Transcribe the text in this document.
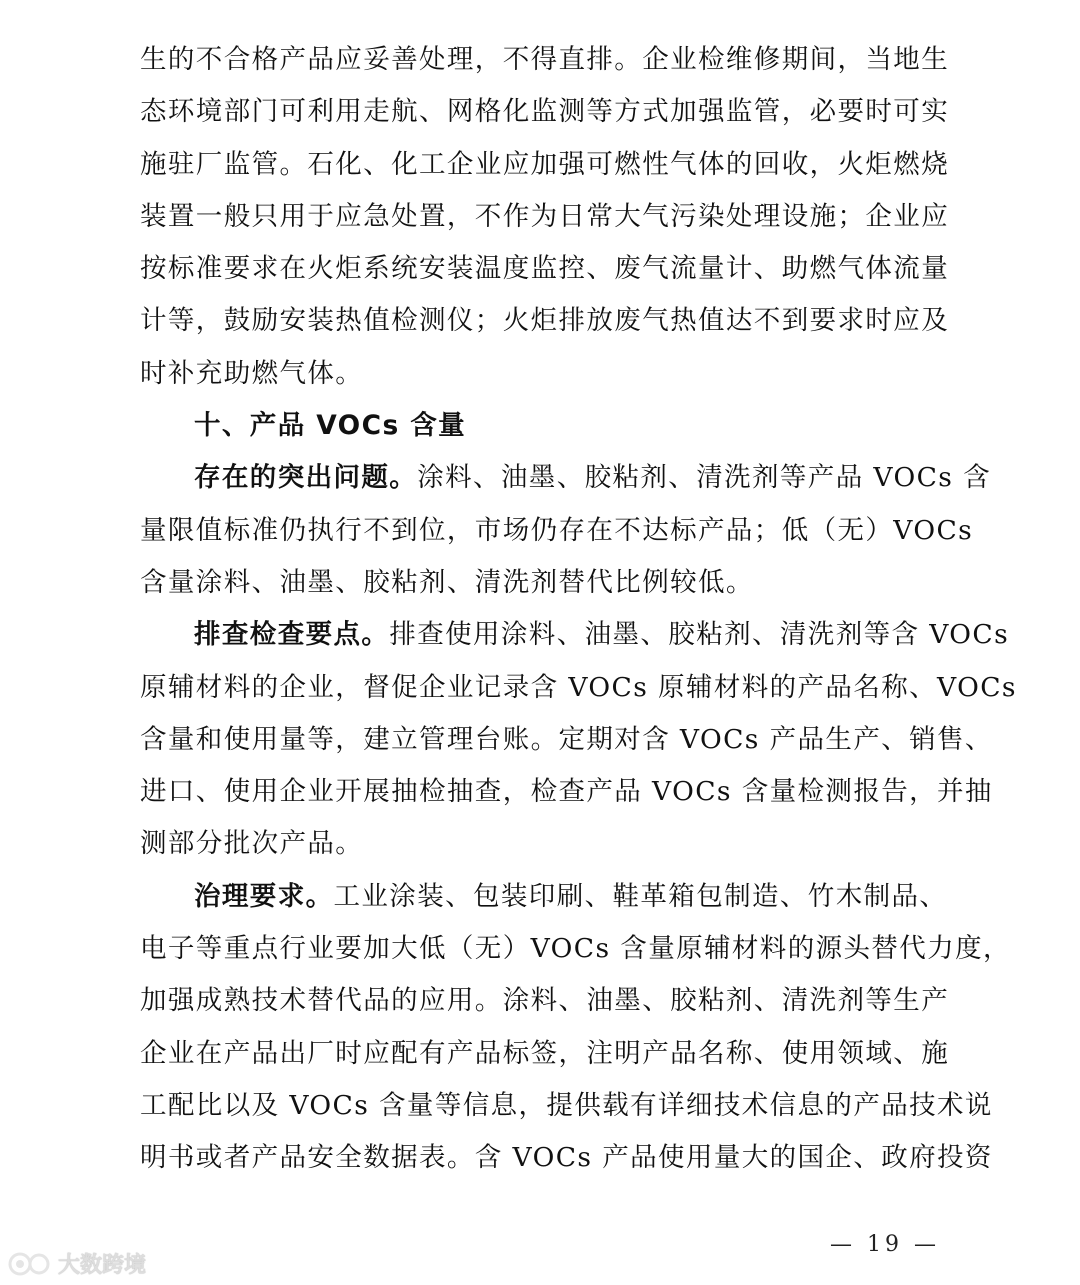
生的不合格产品应妥善处理，不得直排。企业检维修期间，当地生
态环境部门可利用走航、网格化监测等方式加强监管，必要时可实
施驻厂监管。石化、化工企业应加强可燃性气体的回收，火炬燃烧
装置一般只用于应急处置，不作为日常大气污染处理设施；企业应
按标准要求在火炬系统安装温度监控、废气流量计、助燃气体流量
计等，鼓励安装热值检测仪；火炬排放废气热值达不到要求时应及
时补充助燃气体。
十、产品 VOCs 含量
存在的突出问题。涂料、油墨、胶粘剂、清洗剂等产品 VOCs 含
量限值标准仍执行不到位，市场仍存在不达标产品；低（无）VOCs
含量涂料、油墨、胶粘剂、清洗剂替代比例较低。
排查检查要点。排查使用涂料、油墨、胶粘剂、清洗剂等含 VOCs
原辅材料的企业，督促企业记录含 VOCs 原辅材料的产品名称、VOCs
含量和使用量等，建立管理台账。定期对含 VOCs 产品生产、销售、
进口、使用企业开展抽检抽查，检查产品 VOCs 含量检测报告，并抽
测部分批次产品。
治理要求。工业涂装、包装印刷、鞋革箱包制造、竹木制品、
电子等重点行业要加大低（无）VOCs 含量原辅材料的源头替代力度，
加强成熟技术替代品的应用。涂料、油墨、胶粘剂、清洗剂等生产
企业在产品出厂时应配有产品标签，注明产品名称、使用领域、施
工配比以及 VOCs 含量等信息，提供载有详细技术信息的产品技术说
明书或者产品安全数据表。含 VOCs 产品使用量大的国企、政府投资
— 19 —
大数跨境
